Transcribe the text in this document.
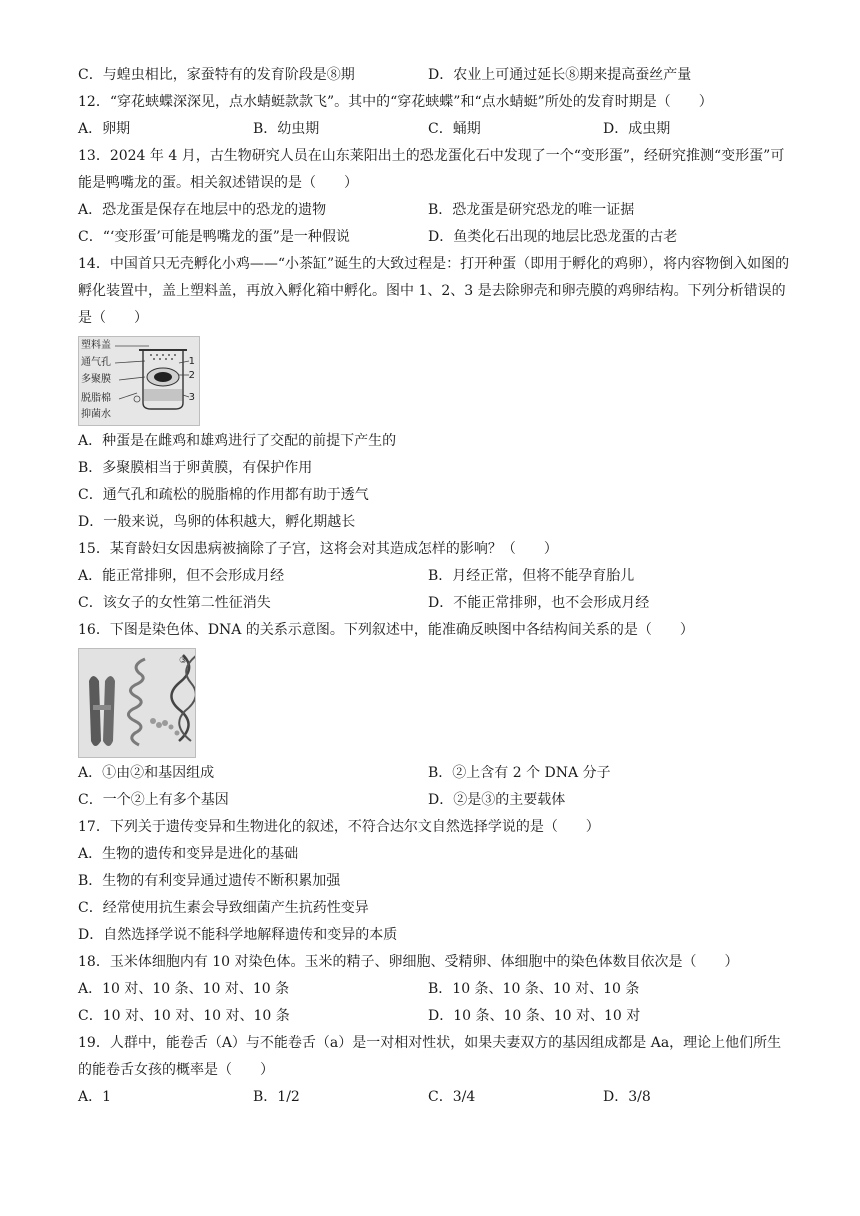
C．与蝗虫相比，家蚕特有的发育阶段是⑧期	D．农业上可通过延长⑧期来提高蚕丝产量
12．“穿花蛱蝶深深见，点水蜻蜓款款飞”。其中的“穿花蛱蝶”和“点水蜻蜓”所处的发育时期是（　　）
A．卵期	B．幼虫期	C．蛹期	D．成虫期
13．2024 年 4 月，古生物研究人员在山东莱阳出土的恐龙蛋化石中发现了一个“变形蛋”，经研究推测“变形蛋”可能是鸭嘴龙的蛋。相关叙述错误的是（　　）
A．恐龙蛋是保存在地层中的恐龙的遗物	B．恐龙蛋是研究恐龙的唯一证据
C．“‘变形蛋’可能是鸭嘴龙的蛋”是一种假说	D．鱼类化石出现的地层比恐龙蛋的古老
14．中国首只无壳孵化小鸡——“小茶缸”诞生的大致过程是：打开种蛋（即用于孵化的鸡卵），将内容物倒入如图的孵化装置中，盖上塑料盖，再放入孵化箱中孵化。图中 1、2、3 是去除卵壳和卵壳膜的鸡卵结构。下列分析错误的是（　　）
塑料盖
通气孔
多聚膜
脱脂棉
抑菌水
1
2
3
A．种蛋是在雌鸡和雄鸡进行了交配的前提下产生的
B．多聚膜相当于卵黄膜，有保护作用
C．通气孔和疏松的脱脂棉的作用都有助于透气
D．一般来说，鸟卵的体积越大，孵化期越长
15．某育龄妇女因患病被摘除了子宫，这将会对其造成怎样的影响？（　　）
A．能正常排卵，但不会形成月经	B．月经正常，但将不能孕育胎儿
C．该女子的女性第二性征消失	D．不能正常排卵，也不会形成月经
16．下图是染色体、DNA 的关系示意图。下列叙述中，能准确反映图中各结构间关系的是（　　）
③
A．①由②和基因组成	B．②上含有 2 个 DNA 分子
C．一个②上有多个基因	D．②是③的主要载体
17．下列关于遗传变异和生物进化的叙述，不符合达尔文自然选择学说的是（　　）
A．生物的遗传和变异是进化的基础
B．生物的有利变异通过遗传不断积累加强
C．经常使用抗生素会导致细菌产生抗药性变异
D．自然选择学说不能科学地解释遗传和变异的本质
18．玉米体细胞内有 10 对染色体。玉米的精子、卵细胞、受精卵、体细胞中的染色体数目依次是（　　）
A．10 对、10 条、10 对、10 条	B．10 条、10 条、10 对、10 条
C．10 对、10 对、10 对、10 条	D．10 条、10 条、10 对、10 对
19．人群中，能卷舌（A）与不能卷舌（a）是一对相对性状，如果夫妻双方的基因组成都是 Aa，理论上他们所生的能卷舌女孩的概率是（　　）
A．1	B．1/2	C．3/4	D．3/8
